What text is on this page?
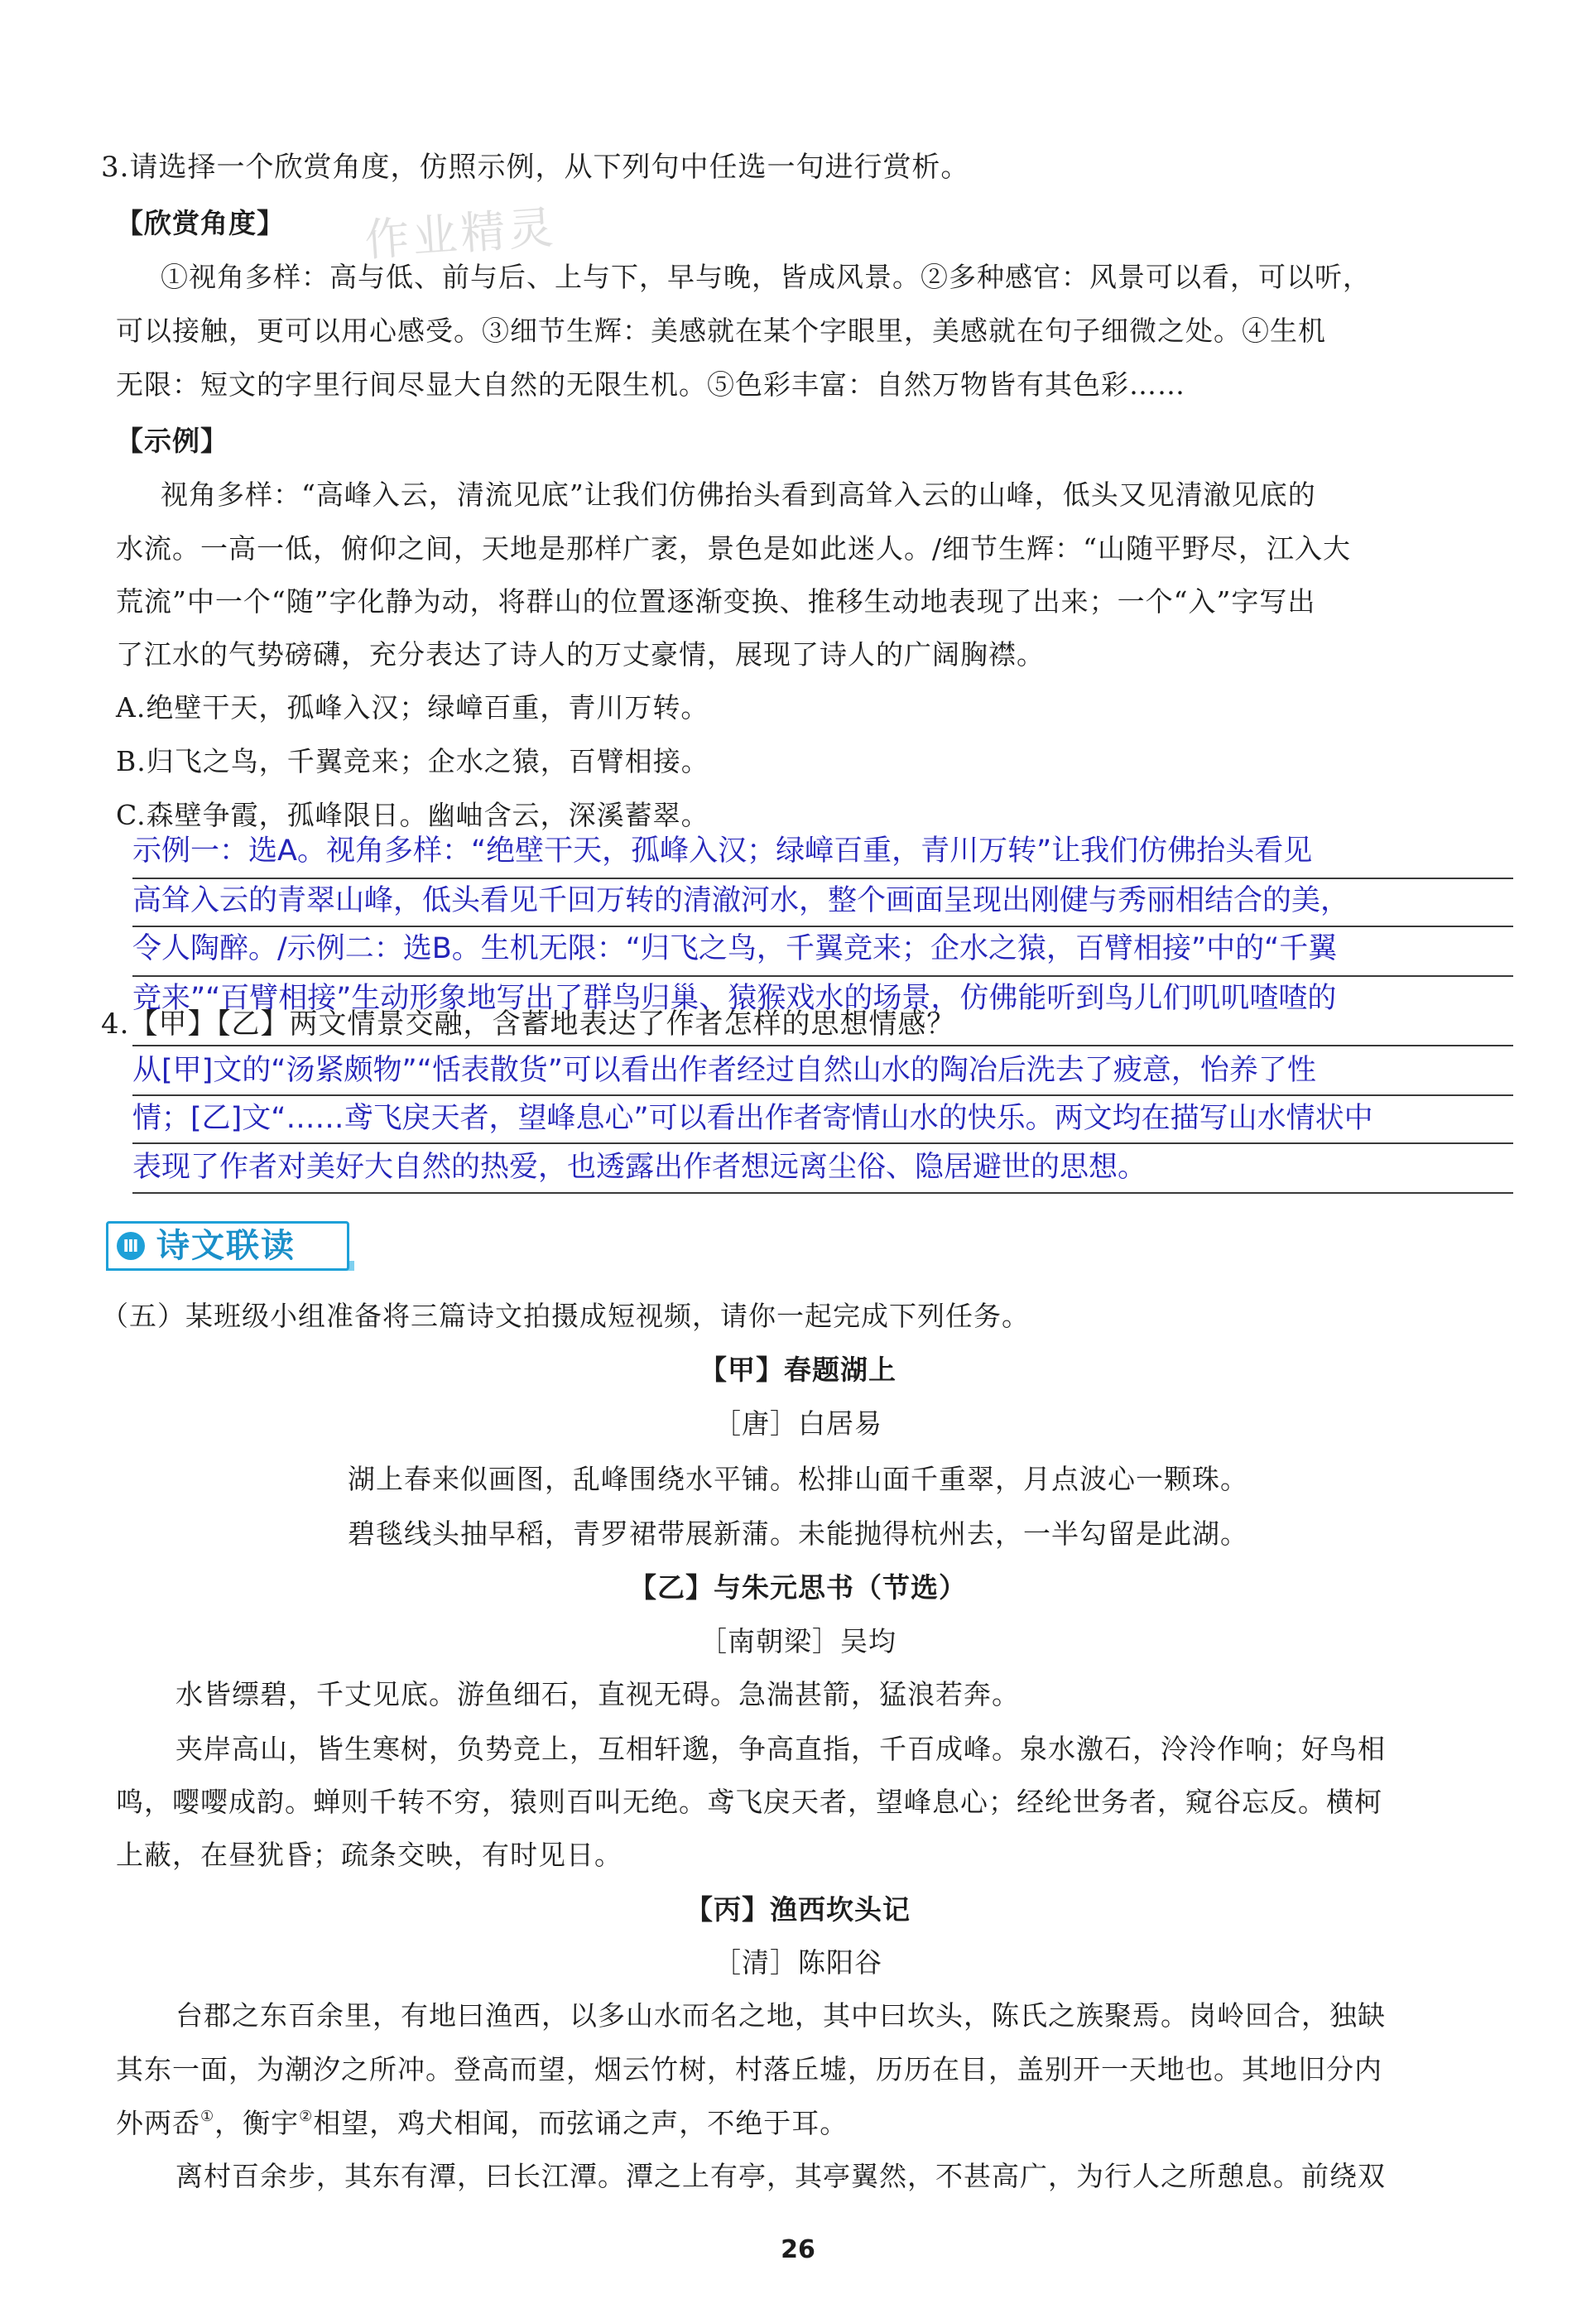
作业精灵
3.请选择一个欣赏角度，仿照示例，从下列句中任选一句进行赏析。
【欣赏角度】
①视角多样：高与低、前与后、上与下，早与晚，皆成风景。②多种感官：风景可以看，可以听，
可以接触，更可以用心感受。③细节生辉：美感就在某个字眼里，美感就在句子细微之处。④生机
无限：短文的字里行间尽显大自然的无限生机。⑤色彩丰富：自然万物皆有其色彩……
【示例】
视角多样：“高峰入云，清流见底”让我们仿佛抬头看到高耸入云的山峰，低头又见清澈见底的
水流。一高一低，俯仰之间，天地是那样广袤，景色是如此迷人。/细节生辉：“山随平野尽，江入大
荒流”中一个“随”字化静为动，将群山的位置逐渐变换、推移生动地表现了出来；一个“入”字写出
了江水的气势磅礴，充分表达了诗人的万丈豪情，展现了诗人的广阔胸襟。
A.绝壁干天，孤峰入汉；绿嶂百重，青川万转。
B.归飞之鸟，千翼竞来；企水之猿，百臂相接。
C.森壁争霞，孤峰限日。幽岫含云，深溪蓄翠。
示例一：选A。视角多样：“绝壁干天，孤峰入汉；绿嶂百重，青川万转”让我们仿佛抬头看见
高耸入云的青翠山峰，低头看见千回万转的清澈河水，整个画面呈现出刚健与秀丽相结合的美，
令人陶醉。/示例二：选B。生机无限：“归飞之鸟，千翼竞来；企水之猿，百臂相接”中的“千翼
竞来”“百臂相接”生动形象地写出了群鸟归巢、猿猴戏水的场景，仿佛能听到鸟儿们叽叽喳喳的
4.【甲】【乙】两文情景交融，含蓄地表达了作者怎样的思想情感？
从[甲]文的“汤紧颇物”“恬表散货”可以看出作者经过自然山水的陶冶后洗去了疲意，怡养了性
情；[乙]文“……鸢飞戾天者，望峰息心”可以看出作者寄情山水的快乐。两文均在描写山水情状中
表现了作者对美好大自然的热爱，也透露出作者想远离尘俗、隐居避世的思想。
Ⅲ 诗文联读
（五）某班级小组准备将三篇诗文拍摄成短视频，请你一起完成下列任务。
【甲】春题湖上
［唐］白居易
湖上春来似画图，乱峰围绕水平铺。松排山面千重翠，月点波心一颗珠。
碧毯线头抽早稻，青罗裙带展新蒲。未能抛得杭州去，一半勾留是此湖。
【乙】与朱元思书（节选）
［南朝梁］吴均
水皆缥碧，千丈见底。游鱼细石，直视无碍。急湍甚箭，猛浪若奔。
夹岸高山，皆生寒树，负势竞上，互相轩邈，争高直指，千百成峰。泉水激石，泠泠作响；好鸟相
鸣，嘤嘤成韵。蝉则千转不穷，猿则百叫无绝。鸢飞戾天者，望峰息心；经纶世务者，窥谷忘反。横柯
上蔽，在昼犹昏；疏条交映，有时见日。
【丙】渔西坎头记
［清］陈阳谷
台郡之东百余里，有地曰渔西，以多山水而名之地，其中曰坎头，陈氏之族聚焉。岗岭回合，独缺
其东一面，为潮汐之所冲。登高而望，烟云竹树，村落丘墟，历历在目，盖别开一天地也。其地旧分内
外两岙①，衡宇②相望，鸡犬相闻，而弦诵之声，不绝于耳。
离村百余步，其东有潭，曰长江潭。潭之上有亭，其亭翼然，不甚高广，为行人之所憩息。前绕双
26
